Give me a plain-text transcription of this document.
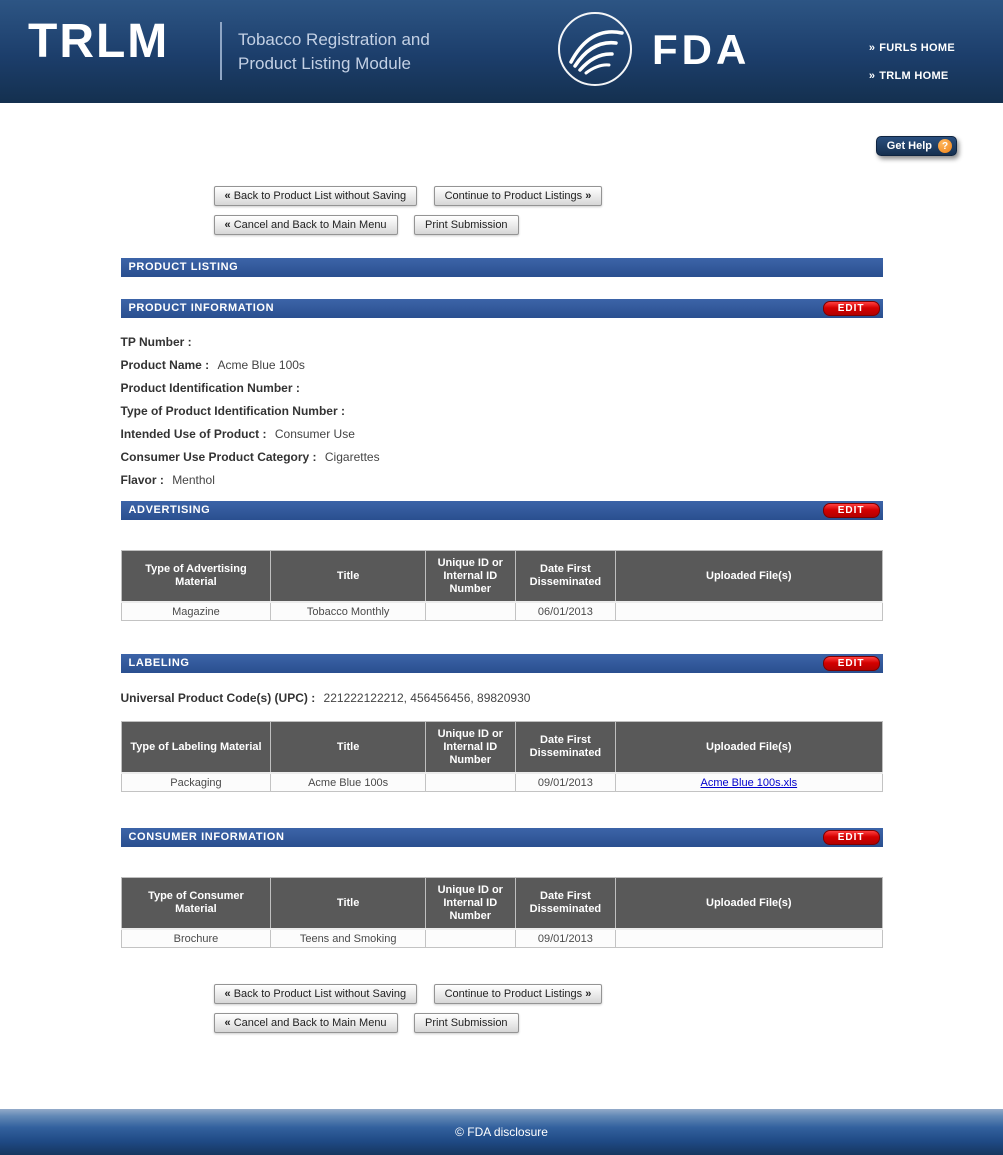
TRLM	Tobacco Registration and
Product Listing Module	FDA	» FURLS HOME
» TRLM HOME
Get Help ?
« Back to Product List without Saving	Continue to Product Listings »
« Cancel and Back to Main Menu	Print Submission
PRODUCT LISTING
PRODUCT INFORMATION	EDIT
TP Number :
Product Name : Acme Blue 100s
Product Identification Number :
Type of Product Identification Number :
Intended Use of Product : Consumer Use
Consumer Use Product Category : Cigarettes
Flavor : Menthol
ADVERTISING	EDIT
Type of Advertising Material	Title	Unique ID or Internal ID Number	Date First Disseminated	Uploaded File(s)
Magazine	Tobacco Monthly		06/01/2013	
LABELING	EDIT
Universal Product Code(s) (UPC) : 221222122212, 456456456, 89820930
Type of Labeling Material	Title	Unique ID or Internal ID Number	Date First Disseminated	Uploaded File(s)
Packaging	Acme Blue 100s		09/01/2013	Acme Blue 100s.xls
CONSUMER INFORMATION	EDIT
Type of Consumer Material	Title	Unique ID or Internal ID Number	Date First Disseminated	Uploaded File(s)
Brochure	Teens and Smoking		09/01/2013	
« Back to Product List without Saving	Continue to Product Listings »
« Cancel and Back to Main Menu	Print Submission
© FDA disclosure
